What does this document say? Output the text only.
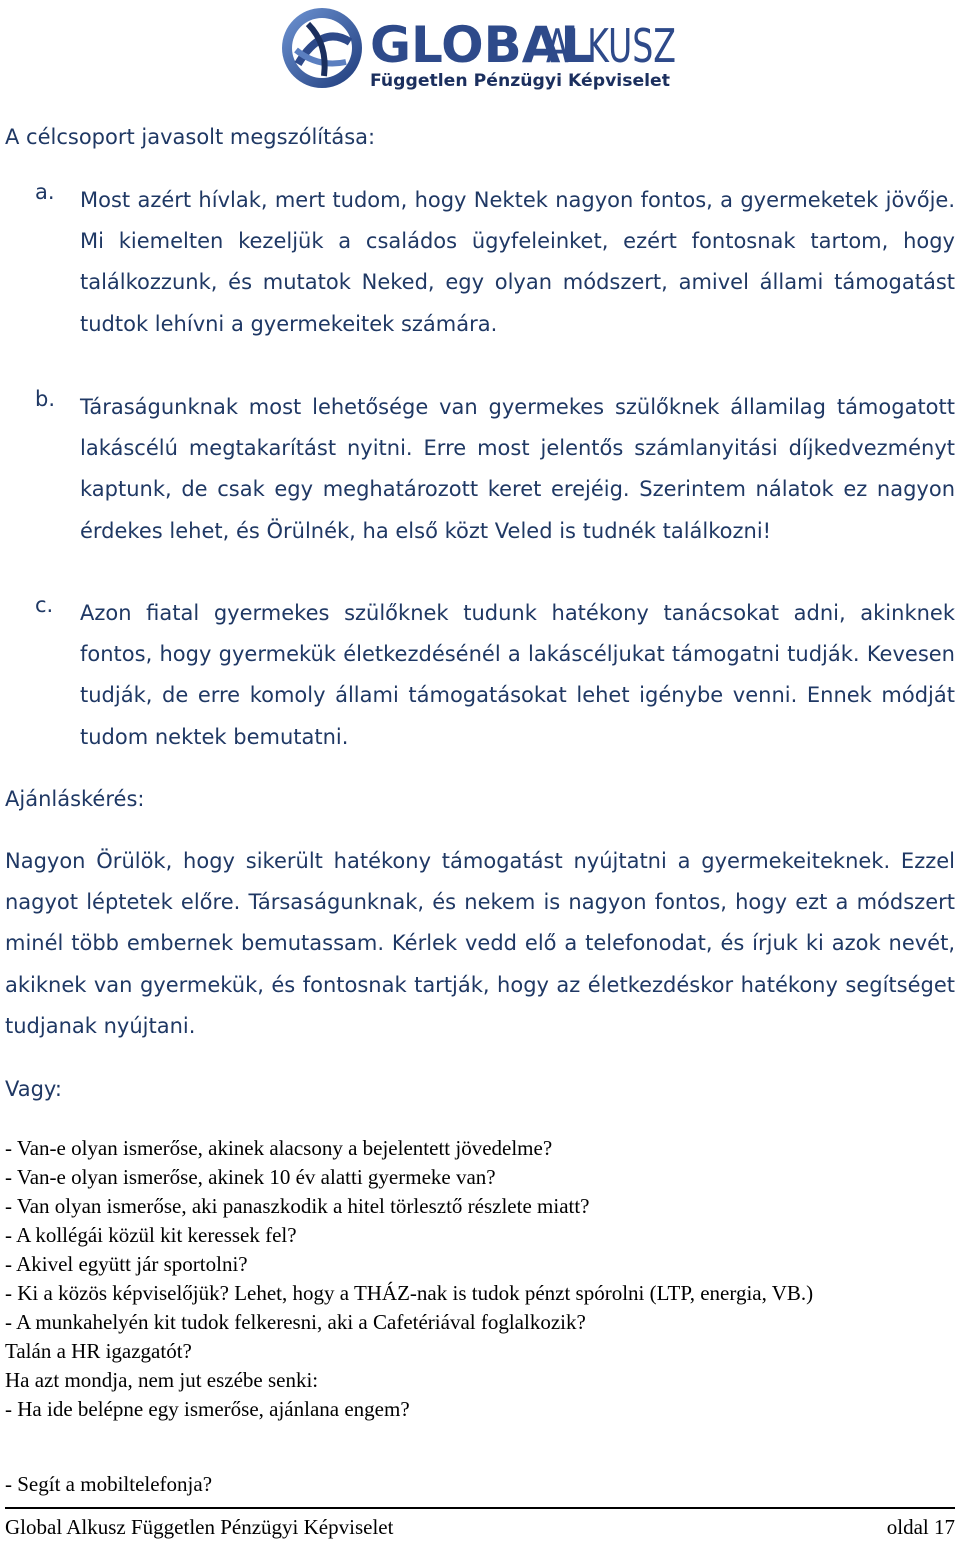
GLOBAL
ALKUSZ
Független Pénzügyi Képviselet
A célcsoport javasolt megszólítása:
a. Most azért hívlak, mert tudom, hogy Nektek nagyon fontos, a gyermeketek jövője. Mi kiemelten kezeljük a családos ügyfeleinket, ezért fontosnak tartom, hogy találkozzunk, és mutatok Neked, egy olyan módszert, amivel állami támogatást tudtok lehívni a gyermekeitek számára.
b. Táraságunknak most lehetősége van gyermekes szülőknek államilag támogatott lakáscélú megtakarítást nyitni. Erre most jelentős számlanyitási díjkedvezményt kaptunk, de csak egy meghatározott keret erejéig. Szerintem nálatok ez nagyon érdekes lehet, és Örülnék, ha első közt Veled is tudnék találkozni!
c. Azon fiatal gyermekes szülőknek tudunk hatékony tanácsokat adni, akinknek fontos, hogy gyermekük életkezdésénél a lakáscéljukat támogatni tudják. Kevesen tudják, de erre komoly állami támogatásokat lehet igénybe venni. Ennek módját tudom nektek bemutatni.
Ajánláskérés:
Nagyon Örülök, hogy sikerült hatékony támogatást nyújtatni a gyermekeiteknek. Ezzel nagyot léptetek előre. Társaságunknak, és nekem is nagyon fontos, hogy ezt a módszert minél több embernek bemutassam. Kérlek vedd elő a telefonodat, és írjuk ki azok nevét, akiknek van gyermekük, és fontosnak tartják, hogy az életkezdéskor hatékony segítséget tudjanak nyújtani.
Vagy:
- Van-e olyan ismerőse, akinek alacsony a bejelentett jövedelme?
- Van-e olyan ismerőse, akinek 10 év alatti gyermeke van?
- Van olyan ismerőse, aki panaszkodik a hitel törlesztő részlete miatt?
- A kollégái közül kit keressek fel?
- Akivel együtt jár sportolni?
- Ki a közös képviselőjük? Lehet, hogy a THÁZ-nak is tudok pénzt spórolni (LTP, energia, VB.)
- A munkahelyén kit tudok felkeresni, aki a Cafetériával foglalkozik?
Talán a HR igazgatót?
Ha azt mondja, nem jut eszébe senki:
- Ha ide belépne egy ismerőse, ajánlana engem?
- Segít a mobiltelefonja?
Global Alkusz Független Pénzügyi Képviselet	oldal 17
